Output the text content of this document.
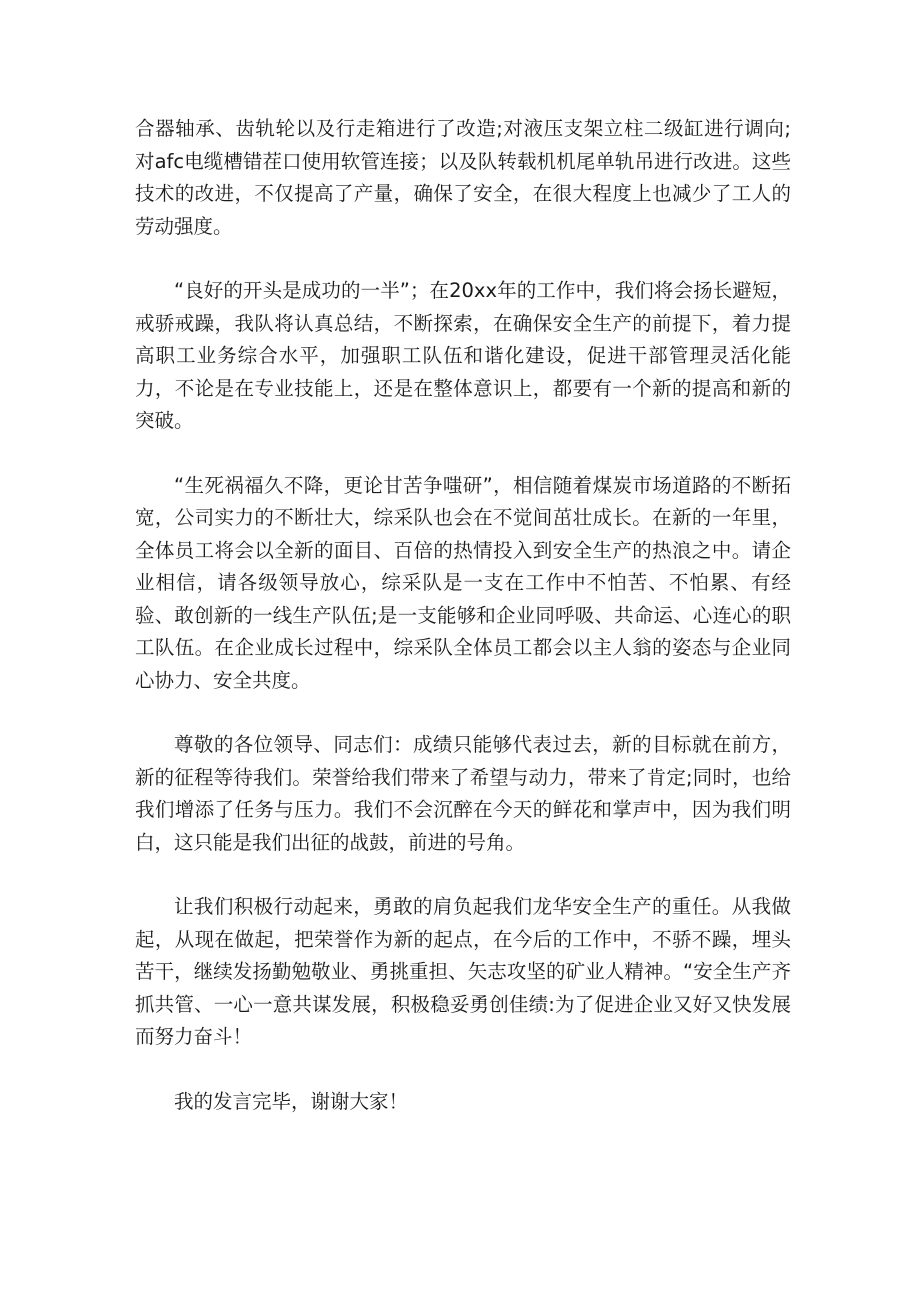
合器轴承、齿轨轮以及行走箱进行了改造;对液压支架立柱二级缸进行调向;对afc电缆槽错茬口使用软管连接；以及队转载机机尾单轨吊进行改进。这些技术的改进，不仅提高了产量，确保了安全，在很大程度上也减少了工人的劳动强度。

“良好的开头是成功的一半”；在20xx年的工作中，我们将会扬长避短，戒骄戒躁，我队将认真总结，不断探索，在确保安全生产的前提下，着力提高职工业务综合水平，加强职工队伍和谐化建设，促进干部管理灵活化能力，不论是在专业技能上，还是在整体意识上，都要有一个新的提高和新的突破。

“生死祸福久不降，更论甘苦争嗤研”，相信随着煤炭市场道路的不断拓宽，公司实力的不断壮大，综采队也会在不觉间茁壮成长。在新的一年里，全体员工将会以全新的面目、百倍的热情投入到安全生产的热浪之中。请企业相信，请各级领导放心，综采队是一支在工作中不怕苦、不怕累、有经验、敢创新的一线生产队伍;是一支能够和企业同呼吸、共命运、心连心的职工队伍。在企业成长过程中，综采队全体员工都会以主人翁的姿态与企业同心协力、安全共度。

尊敬的各位领导、同志们：成绩只能够代表过去，新的目标就在前方，新的征程等待我们。荣誉给我们带来了希望与动力，带来了肯定;同时，也给我们增添了任务与压力。我们不会沉醉在今天的鲜花和掌声中，因为我们明白，这只能是我们出征的战鼓，前进的号角。

让我们积极行动起来，勇敢的肩负起我们龙华安全生产的重任。从我做起，从现在做起，把荣誉作为新的起点，在今后的工作中，不骄不躁，埋头苦干，继续发扬勤勉敬业、勇挑重担、矢志攻坚的矿业人精神。“安全生产齐抓共管、一心一意共谋发展，积极稳妥勇创佳绩:为了促进企业又好又快发展而努力奋斗！

我的发言完毕，谢谢大家！
